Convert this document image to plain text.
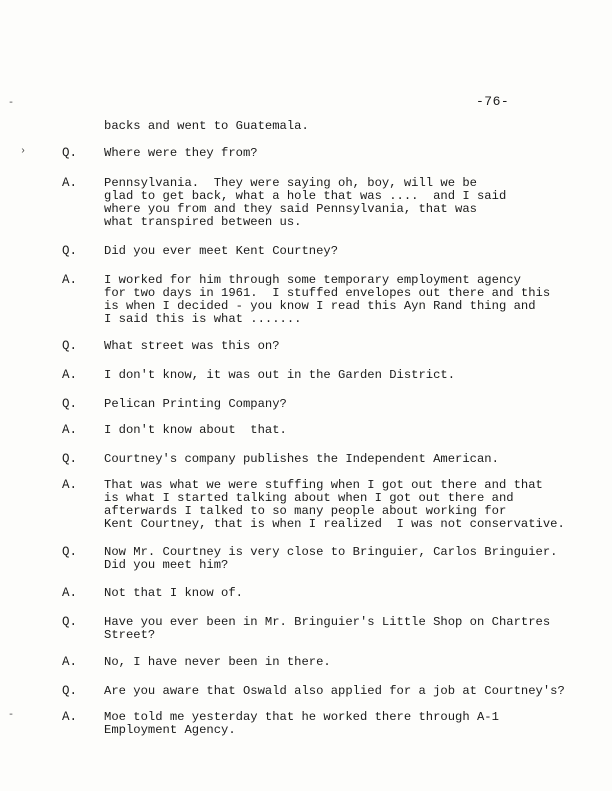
-76-
-
›
-
backs and went to Guatemala.
Q. Where were they from?
A. Pennsylvania.  They were saying oh, boy, will we be
glad to get back, what a hole that was ....  and I said
where you from and they said Pennsylvania, that was
what transpired between us.
Q. Did you ever meet Kent Courtney?
A. I worked for him through some temporary employment agency
for two days in 1961.  I stuffed envelopes out there and this
is when I decided - you know I read this Ayn Rand thing and
I said this is what .......
Q. What street was this on?
A. I don't know, it was out in the Garden District.
Q. Pelican Printing Company?
A. I don't know about  that.
Q. Courtney's company publishes the Independent American.
A. That was what we were stuffing when I got out there and that
is what I started talking about when I got out there and
afterwards I talked to so many people about working for
Kent Courtney, that is when I realized  I was not conservative.
Q. Now Mr. Courtney is very close to Bringuier, Carlos Bringuier.
Did you meet him?
A. Not that I know of.
Q. Have you ever been in Mr. Bringuier's Little Shop on Chartres
Street?
A. No, I have never been in there.
Q. Are you aware that Oswald also applied for a job at Courtney's?
A. Moe told me yesterday that he worked there through A-1
Employment Agency.
